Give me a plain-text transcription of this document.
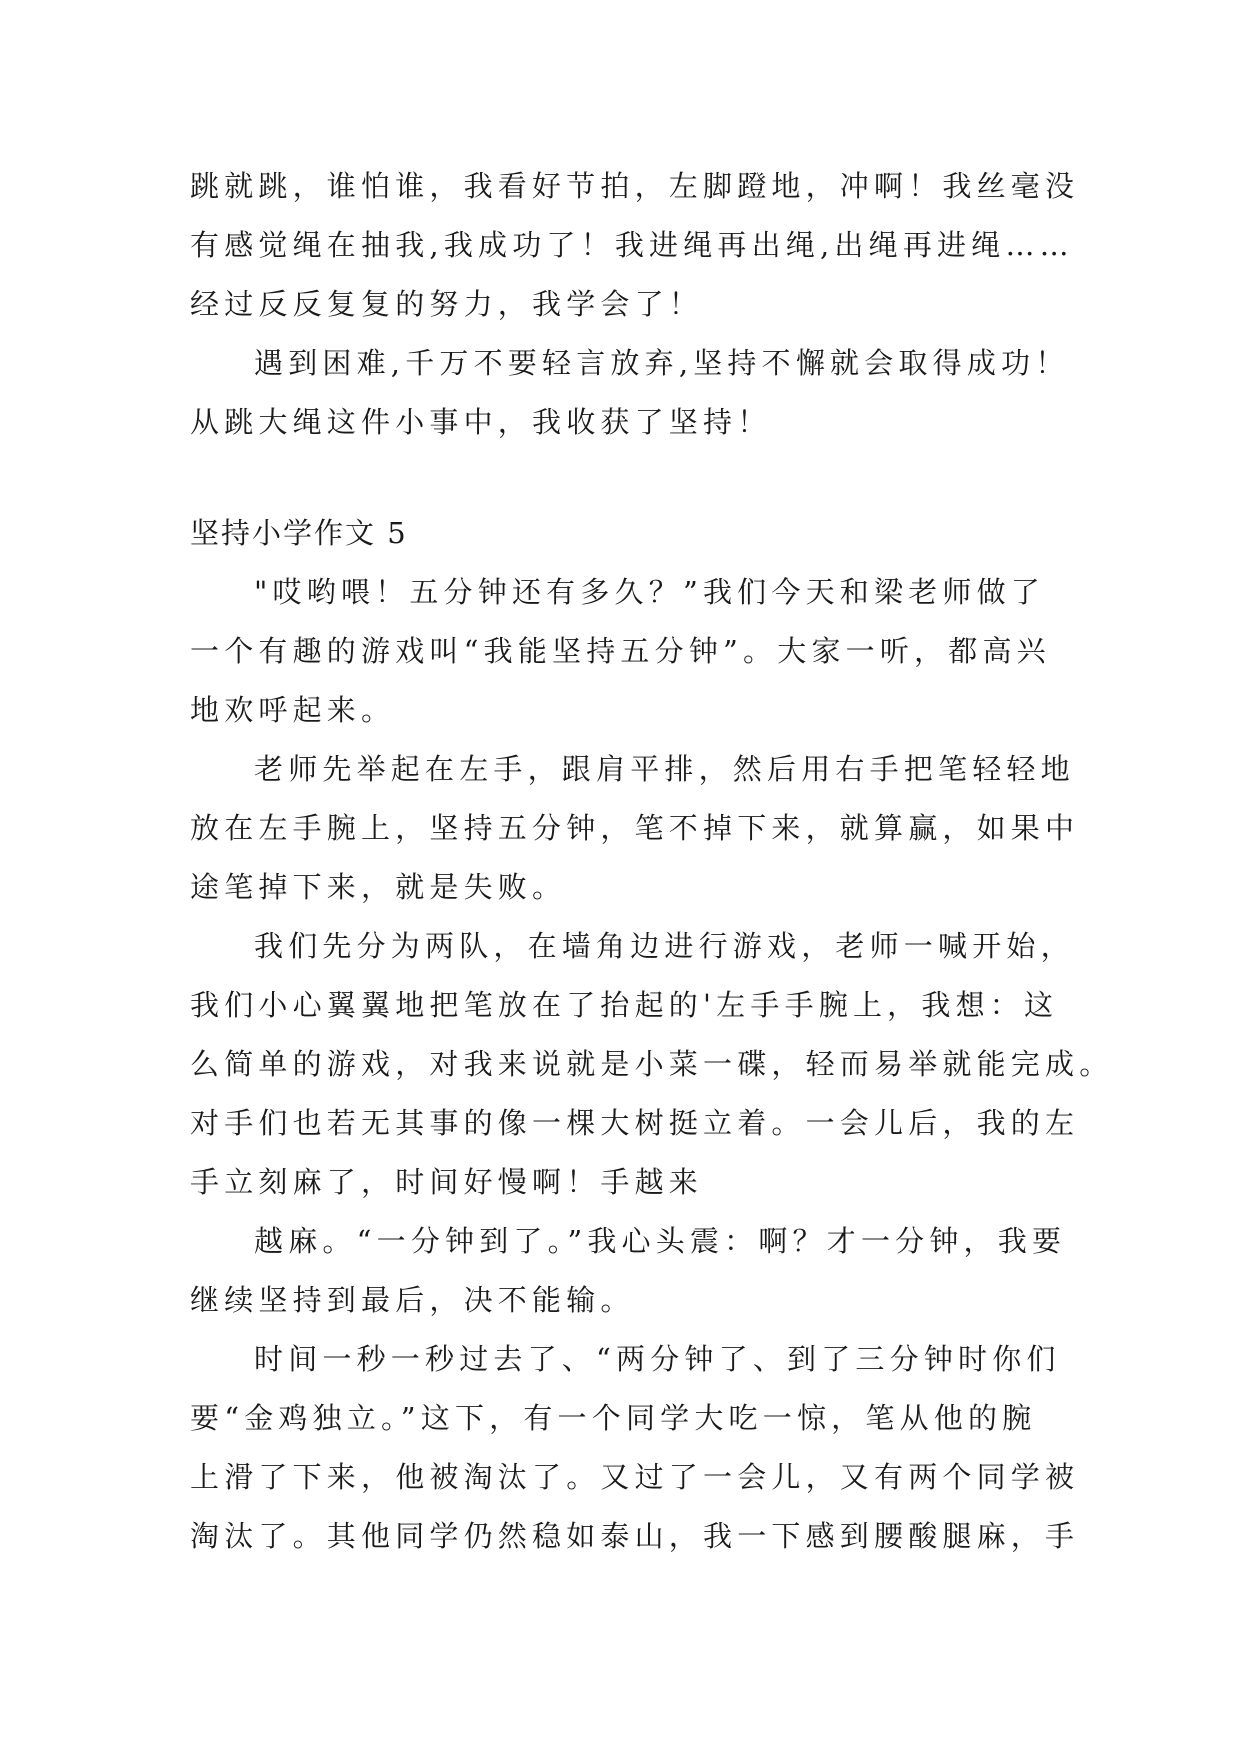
跳就跳，谁怕谁，我看好节拍，左脚蹬地，冲啊！我丝毫没
有感觉绳在抽我,我成功了！我进绳再出绳,出绳再进绳……
经过反反复复的努力，我学会了！
遇到困难,千万不要轻言放弃,坚持不懈就会取得成功！
从跳大绳这件小事中，我收获了坚持！
坚持小学作文 5
"哎哟喂！五分钟还有多久？”我们今天和梁老师做了
一个有趣的游戏叫“我能坚持五分钟”。大家一听，都高兴
地欢呼起来。
老师先举起在左手，跟肩平排，然后用右手把笔轻轻地
放在左手腕上，坚持五分钟，笔不掉下来，就算赢，如果中
途笔掉下来，就是失败。
我们先分为两队，在墙角边进行游戏，老师一喊开始，
我们小心翼翼地把笔放在了抬起的'左手手腕上，我想：这
么简单的游戏，对我来说就是小菜一碟，轻而易举就能完成。
对手们也若无其事的像一棵大树挺立着。一会儿后，我的左
手立刻麻了，时间好慢啊！手越来
越麻。“一分钟到了。”我心头震：啊？才一分钟，我要
继续坚持到最后，决不能输。
时间一秒一秒过去了、“两分钟了、到了三分钟时你们
要“金鸡独立。”这下，有一个同学大吃一惊，笔从他的腕
上滑了下来，他被淘汰了。又过了一会儿，又有两个同学被
淘汰了。其他同学仍然稳如泰山，我一下感到腰酸腿麻，手
